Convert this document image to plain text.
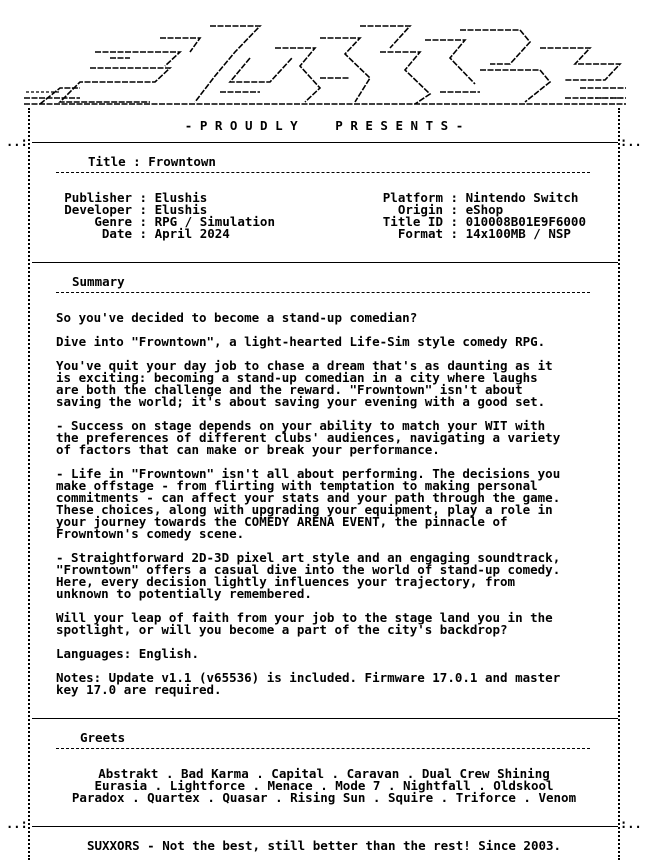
..:	:..
..:	:..
- P R O U D L Y     P R E S E N T S -
Title : Frowntown
Publisher : Elushis
Developer : Elushis
Genre : RPG / Simulation
Date : April 2024
Platform : Nintendo Switch
Origin : eShop
Title ID : 010008B01E9F6000
Format : 14x100MB / NSP
Summary
So you've decided to become a stand-up comedian?
Dive into "Frowntown", a light-hearted Life-Sim style comedy RPG.
You've quit your day job to chase a dream that's as daunting as it
is exciting: becoming a stand-up comedian in a city where laughs
are both the challenge and the reward. "Frowntown" isn't about
saving the world; it's about saving your evening with a good set.
- Success on stage depends on your ability to match your WIT with
the preferences of different clubs' audiences, navigating a variety
of factors that can make or break your performance.
- Life in "Frowntown" isn't all about performing. The decisions you
make offstage - from flirting with temptation to making personal
commitments - can affect your stats and your path through the game.
These choices, along with upgrading your equipment, play a role in
your journey towards the COMEDY ARENA EVENT, the pinnacle of
Frowntown's comedy scene.
- Straightforward 2D-3D pixel art style and an engaging soundtrack,
"Frowntown" offers a casual dive into the world of stand-up comedy.
Here, every decision lightly influences your trajectory, from
unknown to potentially remembered.
Will your leap of faith from your job to the stage land you in the
spotlight, or will you become a part of the city's backdrop?
Languages: English.
Notes: Update v1.1 (v65536) is included. Firmware 17.0.1 and master
key 17.0 are required.
Greets
Abstrakt . Bad Karma . Capital . Caravan . Dual Crew Shining
Eurasia . Lightforce . Menace . Mode 7 . Nightfall . Oldskool
Paradox . Quartex . Quasar . Rising Sun . Squire . Triforce . Venom
SUXXORS - Not the best, still better than the rest! Since 2003.
